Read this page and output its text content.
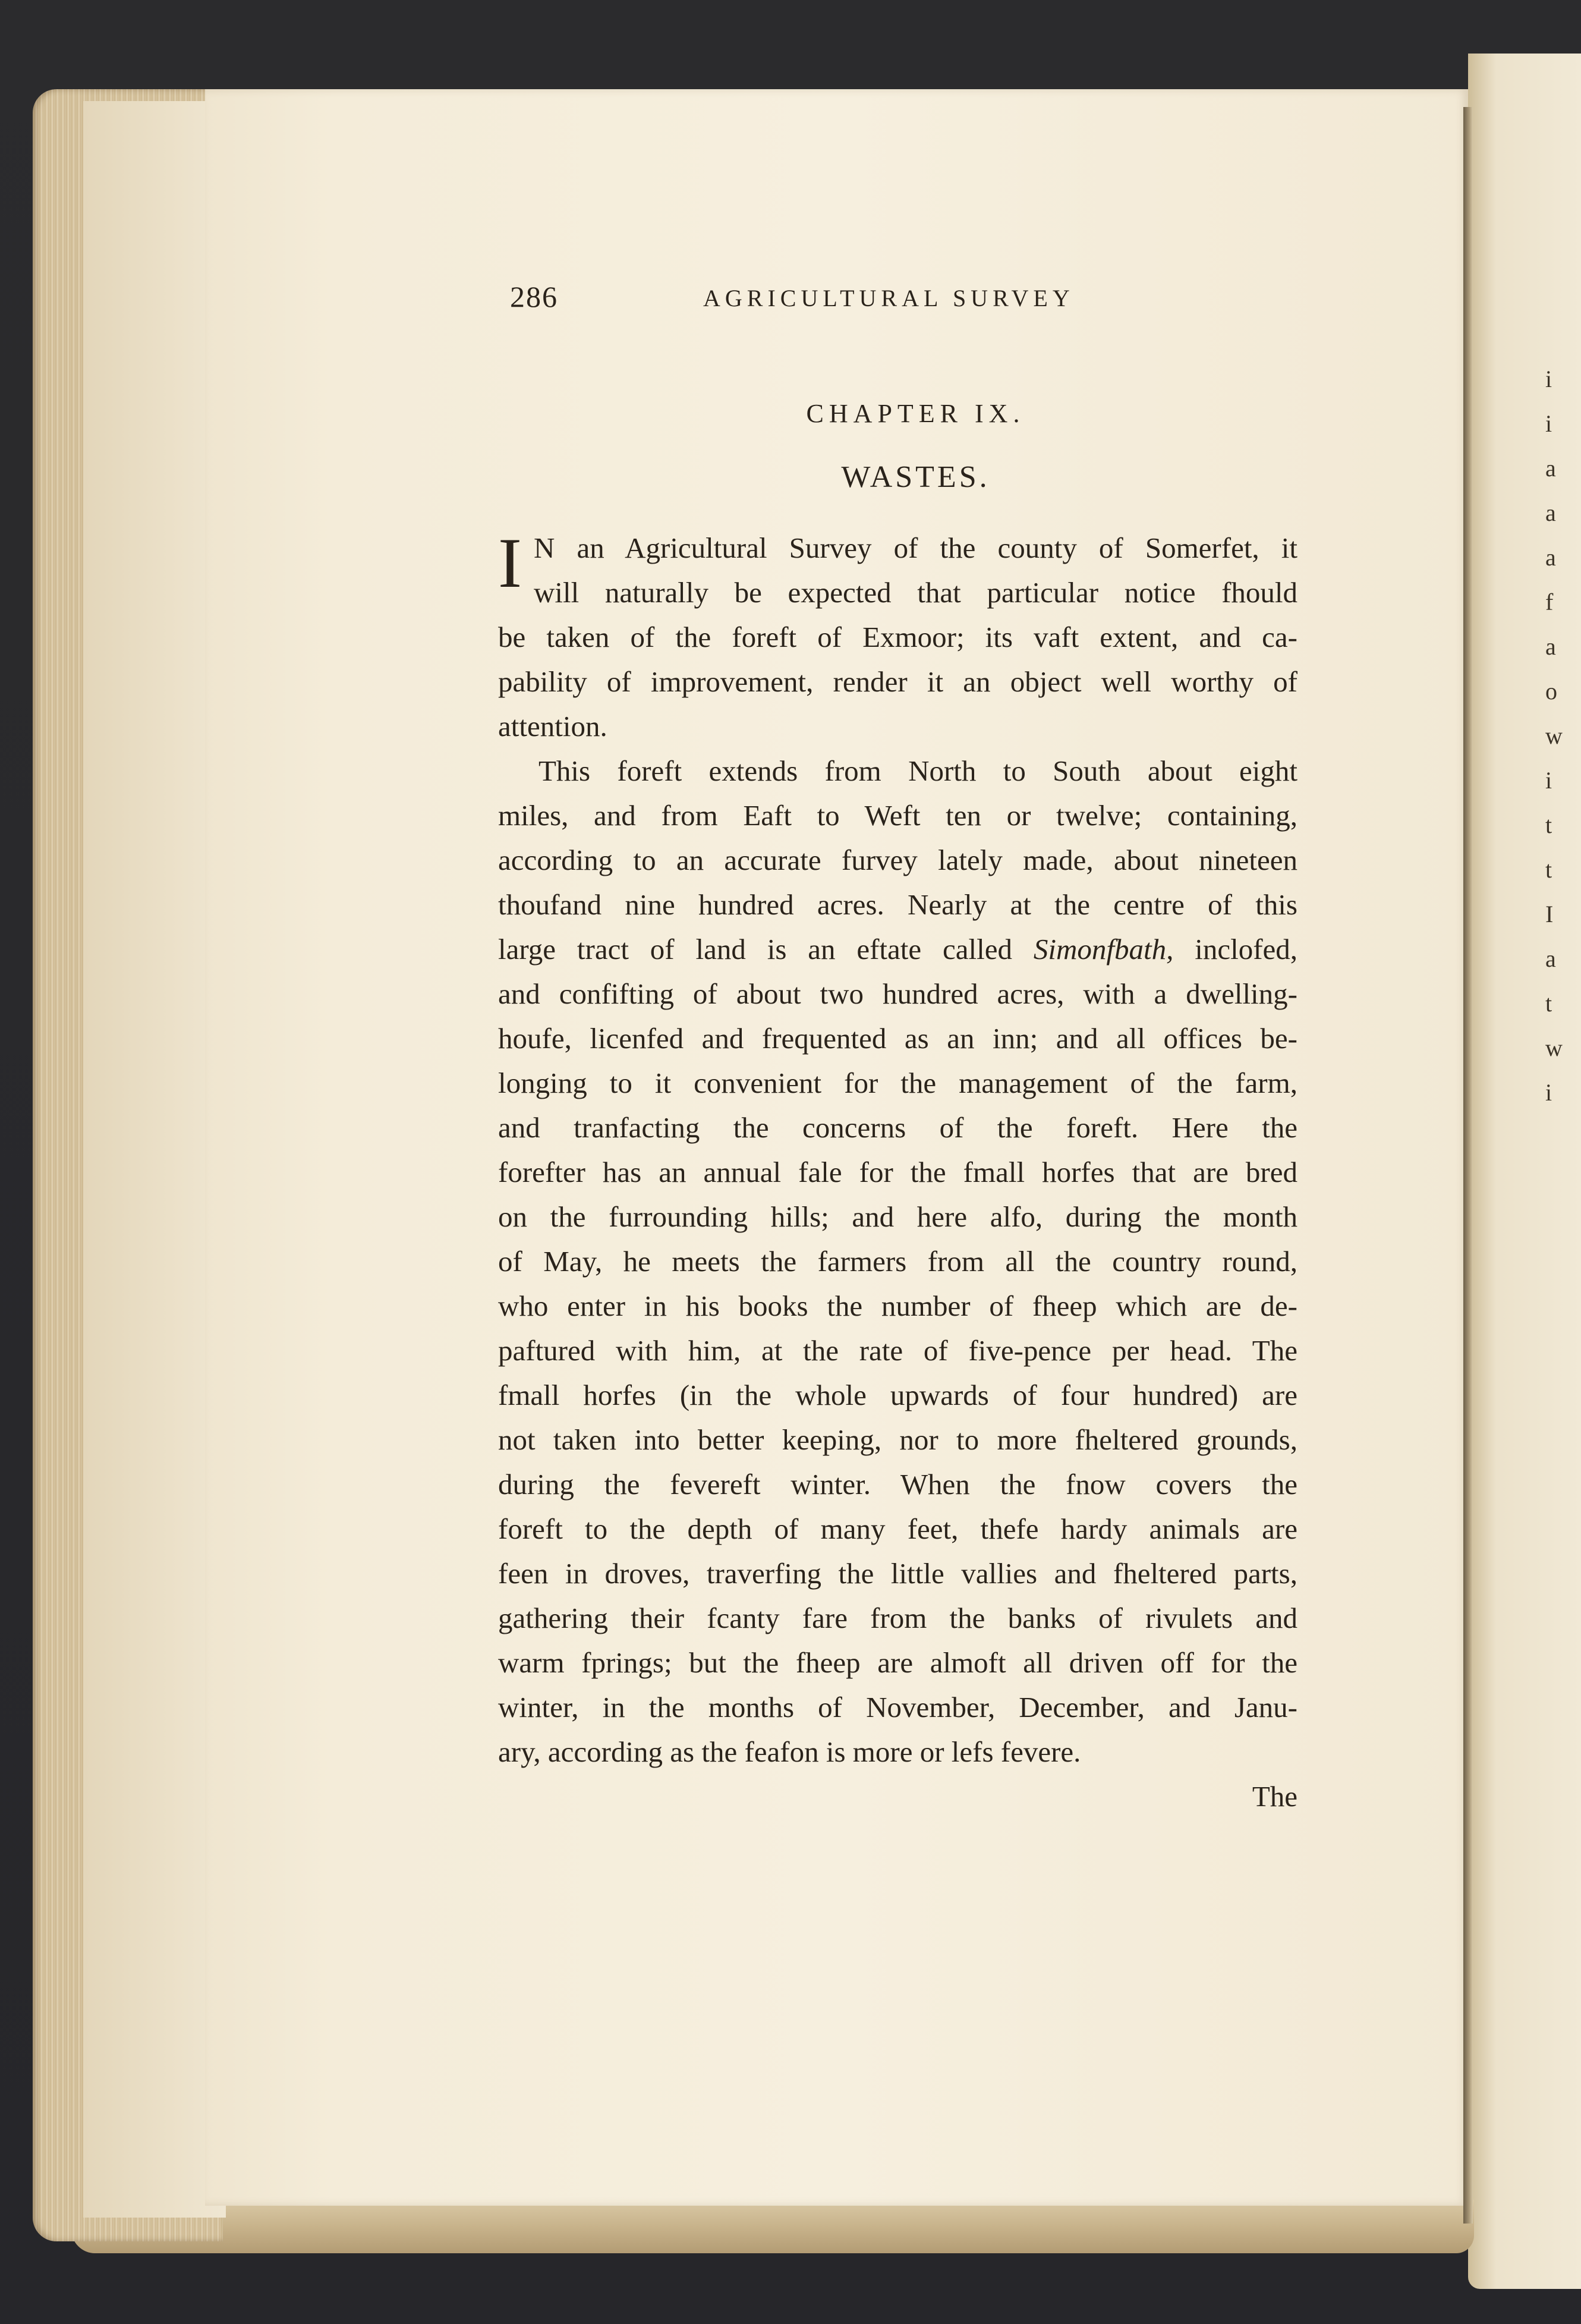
i
i
a
a
a
f
a
o
w
i
t
t
I
a
t
w
i
286	AGRICULTURAL SURVEY
CHAPTER IX.
WASTES.
I N an Agricultural Survey of the county of Somerfet, it
will naturally be expected that particular notice fhould
be taken of the foreft of Exmoor; its vaft extent, and ca-
pability of improvement, render it an object well worthy of
attention.
This foreft extends from North to South about eight
miles, and from Eaft to Weft ten or twelve; containing,
according to an accurate furvey lately made, about nineteen
thoufand nine hundred acres. Nearly at the centre of this
large tract of land is an eftate called Simonfbath, inclofed,
and confifting of about two hundred acres, with a dwelling-
houfe, licenfed and frequented as an inn; and all offices be-
longing to it convenient for the management of the farm,
and tranfacting the concerns of the foreft. Here the
forefter has an annual fale for the fmall horfes that are bred
on the furrounding hills; and here alfo, during the month
of May, he meets the farmers from all the country round,
who enter in his books the number of fheep which are de-
paftured with him, at the rate of five-pence per head. The
fmall horfes (in the whole upwards of four hundred) are
not taken into better keeping, nor to more fheltered grounds,
during the fevereft winter. When the fnow covers the
foreft to the depth of many feet, thefe hardy animals are
feen in droves, traverfing the little vallies and fheltered parts,
gathering their fcanty fare from the banks of rivulets and
warm fprings; but the fheep are almoft all driven off for the
winter, in the months of November, December, and Janu-
ary, according as the feafon is more or lefs fevere.
The
